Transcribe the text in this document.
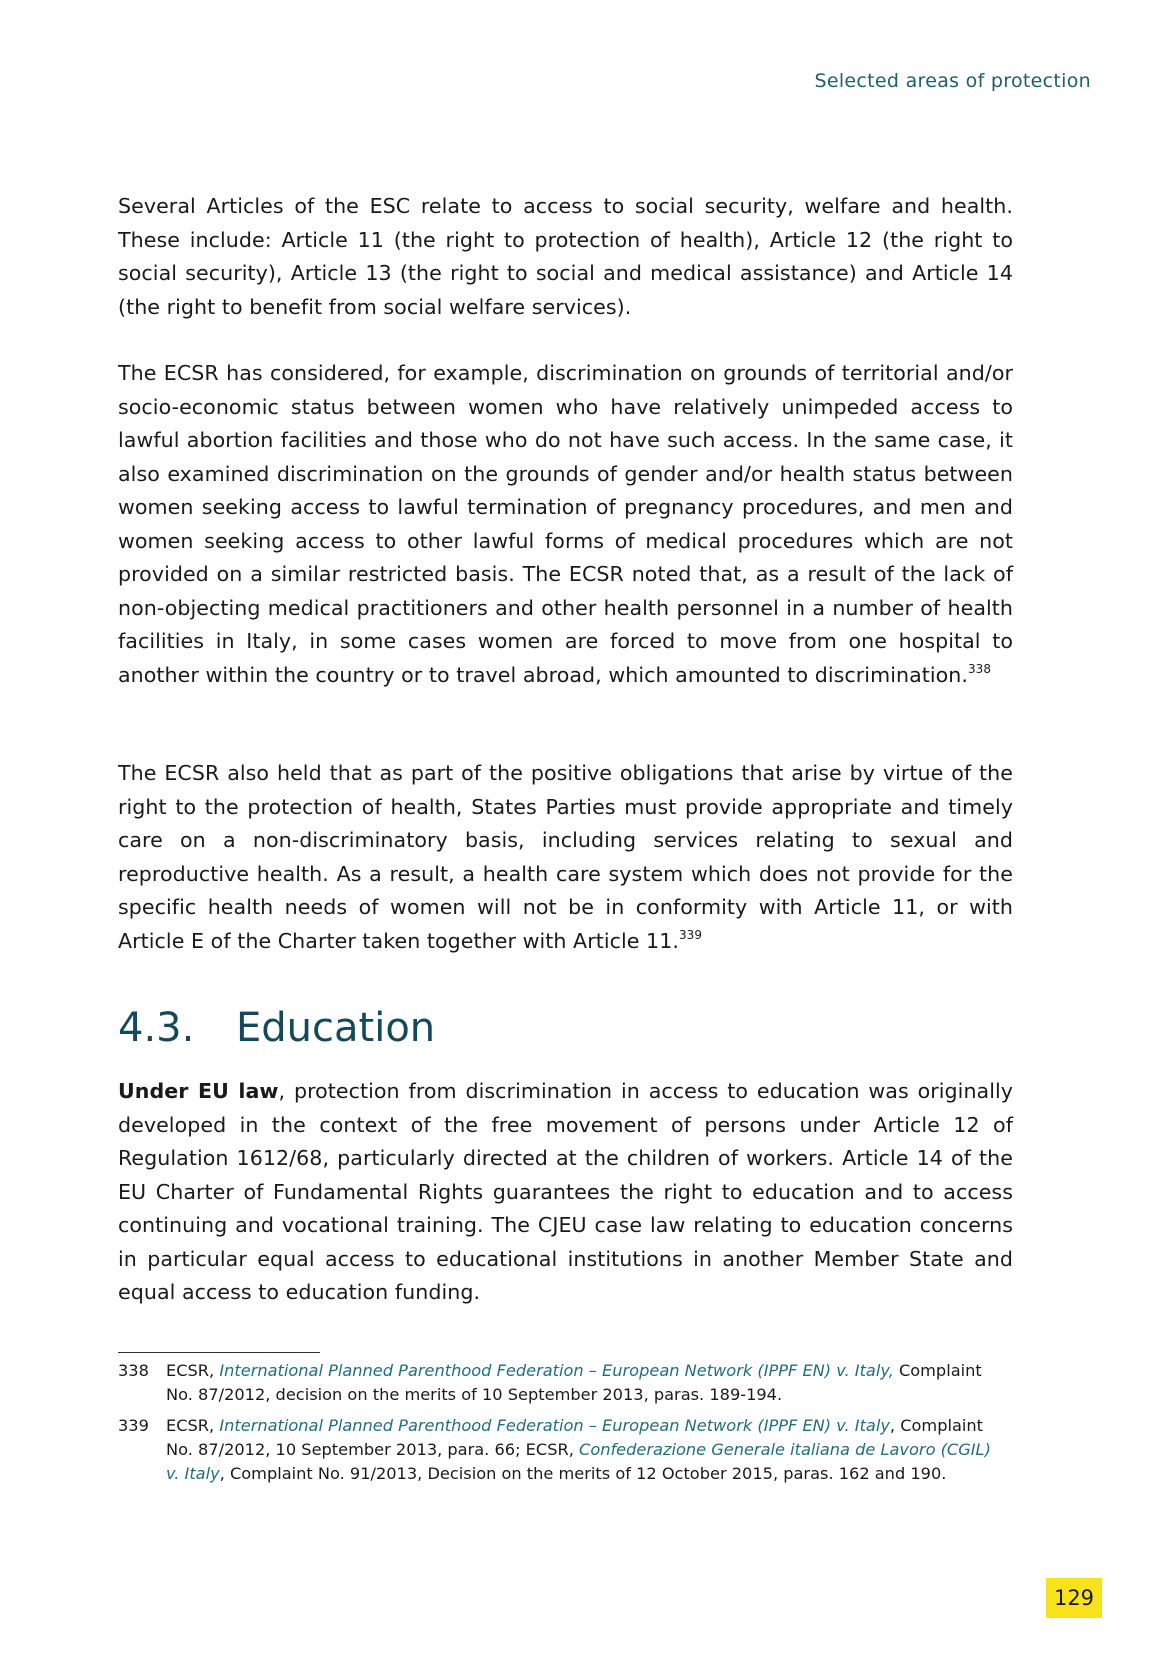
Selected areas of protection

Several Articles of the ESC relate to access to social security, welfare and health. These include: Article 11 (the right to protection of health), Article 12 (the right to social security), Article 13 (the right to social and medical assistance) and Article 14 (the right to benefit from social welfare services).

The ECSR has considered, for example, discrimination on grounds of territorial and/or socio-economic status between women who have relatively unimpeded access to lawful abortion facilities and those who do not have such access. In the same case, it also examined discrimination on the grounds of gender and/or health status between women seeking access to lawful termination of pregnancy procedures, and men and women seeking access to other lawful forms of medical procedures which are not provided on a similar restricted basis. The ECSR noted that, as a result of the lack of non-objecting medical practitioners and other health personnel in a number of health facilities in Italy, in some cases women are forced to move from one hospital to another within the country or to travel abroad, which amounted to discrimination.$^{338}$

The ECSR also held that as part of the positive obligations that arise by virtue of the right to the protection of health, States Parties must provide appropriate and timely care on a non-discriminatory basis, including services relating to sexual and reproductive health. As a result, a health care system which does not provide for the specific health needs of women will not be in conformity with Article 11, or with Article E of the Charter taken together with Article 11.$^{339}$

4.3. Education

Under EU law, protection from discrimination in access to education was originally developed in the context of the free movement of persons under Article 12 of Regulation 1612/68, particularly directed at the children of workers. Article 14 of the EU Charter of Fundamental Rights guarantees the right to education and to access continuing and vocational training. The CJEU case law relating to education concerns in particular equal access to educational institutions in another Member State and equal access to education funding.

338	ECSR, International Planned Parenthood Federation – European Network (IPPF EN) v. Italy, Complaint No. 87/2012, decision on the merits of 10 September 2013, paras. 189-194.
339	ECSR, International Planned Parenthood Federation – European Network (IPPF EN) v. Italy, Complaint No. 87/2012, 10 September 2013, para. 66; ECSR, Confederazione Generale italiana de Lavoro (CGIL) v. Italy, Complaint No. 91/2013, Decision on the merits of 12 October 2015, paras. 162 and 190.
129
